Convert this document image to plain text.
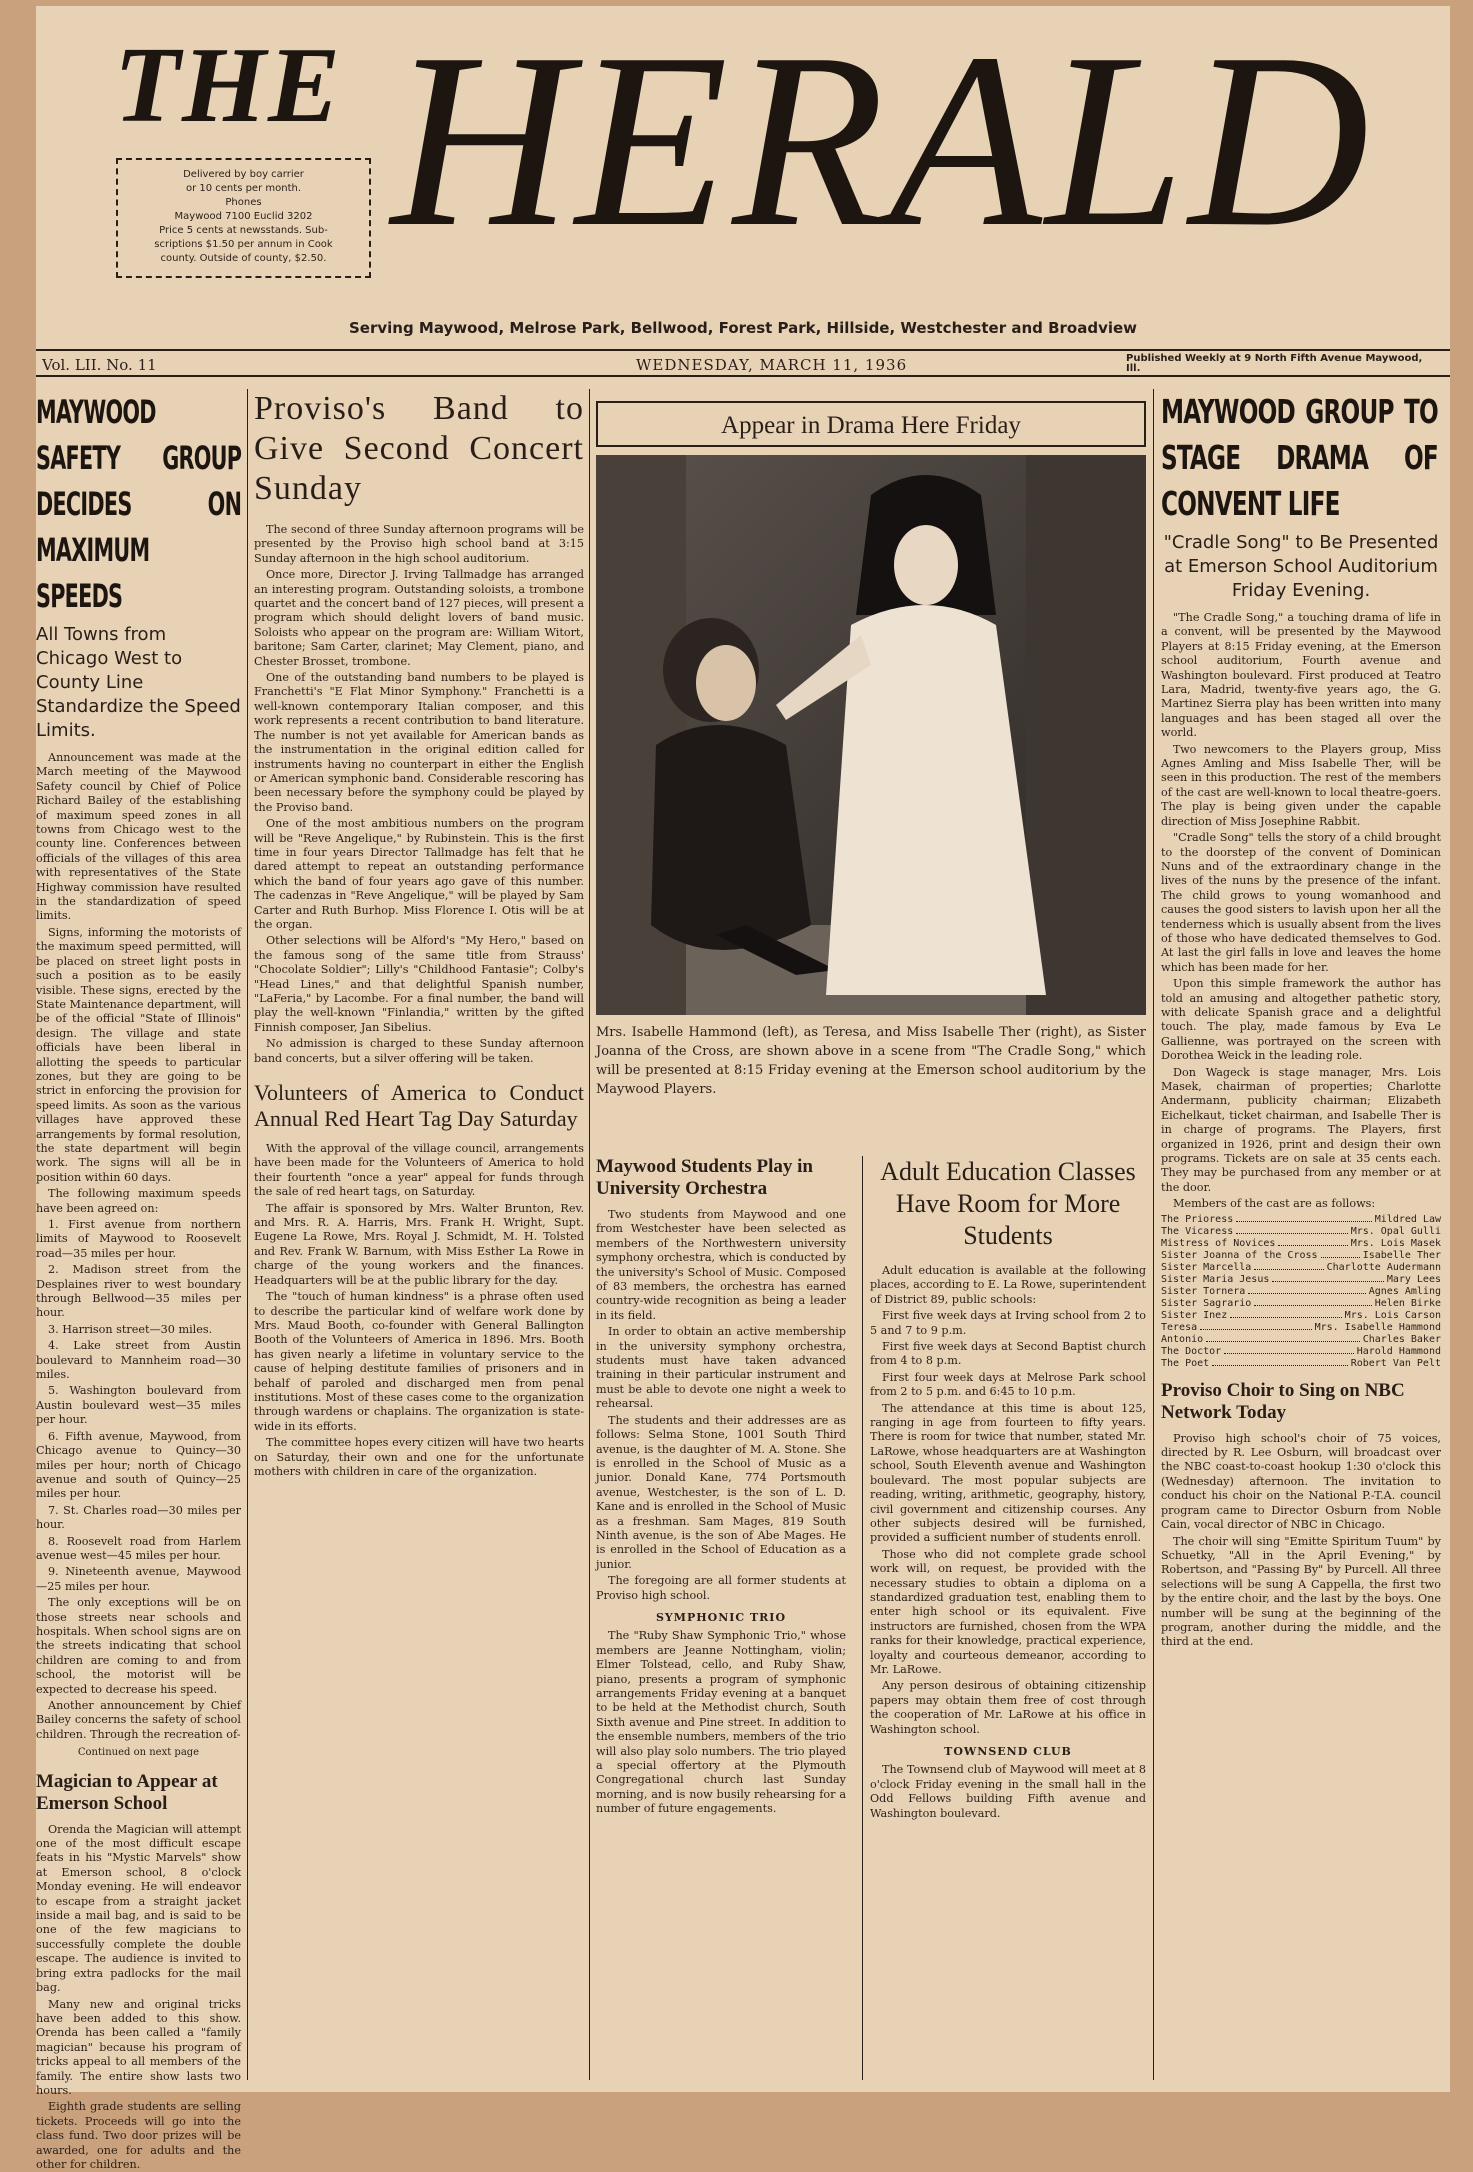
THE HERALD
Delivered by boy carrier
or 10 cents per month.
Phones
Maywood 7100 Euclid 3202
Price 5 cents at newsstands. Sub-
scriptions $1.50 per annum in Cook
county. Outside of county, $2.50.
Serving Maywood, Melrose Park, Bellwood, Forest Park, Hillside, Westchester and Broadview
Vol. LII. No. 11	WEDNESDAY, MARCH 11, 1936	Published Weekly at 9 North Fifth Avenue Maywood, Ill.
MAYWOOD SAFETY GROUP DECIDES ON MAXIMUM SPEEDS
All Towns from Chicago West to County Line Standardize the Speed Limits.

Announcement was made at the March meeting of the Maywood Safety council by Chief of Police Richard Bailey of the establishing of maximum speed zones in all towns from Chicago west to the county line. Conferences between officials of the villages of this area with representatives of the State Highway commission have resulted in the standardization of speed limits.

Signs, informing the motorists of the maximum speed permitted, will be placed on street light posts in such a position as to be easily visible. These signs, erected by the State Maintenance department, will be of the official "State of Illinois" design. The village and state officials have been liberal in allotting the speeds to particular zones, but they are going to be strict in enforcing the provision for speed limits. As soon as the various villages have approved these arrangements by formal resolution, the state department will begin work. The signs will all be in position within 60 days.

The following maximum speeds have been agreed on:

1. First avenue from northern limits of Maywood to Roosevelt road—35 miles per hour.

2. Madison street from the Desplaines river to west boundary through Bellwood—35 miles per hour.

3. Harrison street—30 miles.

4. Lake street from Austin boulevard to Mannheim road—30 miles.

5. Washington boulevard from Austin boulevard west—35 miles per hour.

6. Fifth avenue, Maywood, from Chicago avenue to Quincy—30 miles per hour; north of Chicago avenue and south of Quincy—25 miles per hour.

7. St. Charles road—30 miles per hour.

8. Roosevelt road from Harlem avenue west—45 miles per hour.

9. Nineteenth avenue, Maywood—25 miles per hour.

The only exceptions will be on those streets near schools and hospitals. When school signs are on the streets indicating that school children are coming to and from school, the motorist will be expected to decrease his speed.

Another announcement by Chief Bailey concerns the safety of school children. Through the recreation of-

Continued on next page
Magician to Appear at Emerson School

Orenda the Magician will attempt one of the most difficult escape feats in his "Mystic Marvels" show at Emerson school, 8 o'clock Monday evening. He will endeavor to escape from a straight jacket inside a mail bag, and is said to be one of the few magicians to successfully complete the double escape. The audience is invited to bring extra padlocks for the mail bag.

Many new and original tricks have been added to this show. Orenda has been called a "family magician" because his program of tricks appeal to all members of the family. The entire show lasts two hours.

Eighth grade students are selling tickets. Proceeds will go into the class fund. Two door prizes will be awarded, one for adults and the other for children.

Proviso's Band to Give Second Concert Sunday

The second of three Sunday afternoon programs will be presented by the Proviso high school band at 3:15 Sunday afternoon in the high school auditorium.

Once more, Director J. Irving Tallmadge has arranged an interesting program. Outstanding soloists, a trombone quartet and the concert band of 127 pieces, will present a program which should delight lovers of band music. Soloists who appear on the program are: William Witort, baritone; Sam Carter, clarinet; May Clement, piano, and Chester Brosset, trombone.

One of the outstanding band numbers to be played is Franchetti's "E Flat Minor Symphony." Franchetti is a well-known contemporary Italian composer, and this work represents a recent contribution to band literature. The number is not yet available for American bands as the instrumentation in the original edition called for instruments having no counterpart in either the English or American symphonic band. Considerable rescoring has been necessary before the symphony could be played by the Proviso band.

One of the most ambitious numbers on the program will be "Reve Angelique," by Rubinstein. This is the first time in four years Director Tallmadge has felt that he dared attempt to repeat an outstanding performance which the band of four years ago gave of this number. The cadenzas in "Reve Angelique," will be played by Sam Carter and Ruth Burhop. Miss Florence I. Otis will be at the organ.

Other selections will be Alford's "My Hero," based on the famous song of the same title from Strauss' "Chocolate Soldier"; Lilly's "Childhood Fantasie"; Colby's "Head Lines," and that delightful Spanish number, "LaFeria," by Lacombe. For a final number, the band will play the well-known "Finlandia," written by the gifted Finnish composer, Jan Sibelius.

No admission is charged to these Sunday afternoon band concerts, but a silver offering will be taken.

Volunteers of America to Conduct Annual Red Heart Tag Day Saturday

With the approval of the village council, arrangements have been made for the Volunteers of America to hold their fourtenth "once a year" appeal for funds through the sale of red heart tags, on Saturday.

The affair is sponsored by Mrs. Walter Brunton, Rev. and Mrs. R. A. Harris, Mrs. Frank H. Wright, Supt. Eugene La Rowe, Mrs. Royal J. Schmidt, M. H. Tolsted and Rev. Frank W. Barnum, with Miss Esther La Rowe in charge of the young workers and the finances. Headquarters will be at the public library for the day.

The "touch of human kindness" is a phrase often used to describe the particular kind of welfare work done by Mrs. Maud Booth, co-founder with General Ballington Booth of the Volunteers of America in 1896. Mrs. Booth has given nearly a lifetime in voluntary service to the cause of helping destitute families of prisoners and in behalf of paroled and discharged men from penal institutions. Most of these cases come to the organization through wardens or chaplains. The organization is state-wide in its efforts.

The committee hopes every citizen will have two hearts on Saturday, their own and one for the unfortunate mothers with children in care of the organization.

Appear in Drama Here Friday
Mrs. Isabelle Hammond (left), as Teresa, and Miss Isabelle Ther (right), as Sister Joanna of the Cross, are shown above in a scene from "The Cradle Song," which will be presented at 8:15 Friday evening at the Emerson school auditorium by the Maywood Players.
Maywood Students Play in University Orchestra

Two students from Maywood and one from Westchester have been selected as members of the Northwestern university symphony orchestra, which is conducted by the university's School of Music. Composed of 83 members, the orchestra has earned country-wide recognition as being a leader in its field.

In order to obtain an active membership in the university symphony orchestra, students must have taken advanced training in their particular instrument and must be able to devote one night a week to rehearsal.

The students and their addresses are as follows: Selma Stone, 1001 South Third avenue, is the daughter of M. A. Stone. She is enrolled in the School of Music as a junior. Donald Kane, 774 Portsmouth avenue, Westchester, is the son of L. D. Kane and is enrolled in the School of Music as a freshman. Sam Mages, 819 South Ninth avenue, is the son of Abe Mages. He is enrolled in the School of Education as a junior.

The foregoing are all former students at Proviso high school.

SYMPHONIC TRIO

The "Ruby Shaw Symphonic Trio," whose members are Jeanne Nottingham, violin; Elmer Tolstead, cello, and Ruby Shaw, piano, presents a program of symphonic arrangements Friday evening at a banquet to be held at the Methodist church, South Sixth avenue and Pine street. In addition to the ensemble numbers, members of the trio will also play solo numbers. The trio played a special offertory at the Plymouth Congregational church last Sunday morning, and is now busily rehearsing for a number of future engagements.

Adult Education Classes Have Room for More Students

Adult education is available at the following places, according to E. La Rowe, superintendent of District 89, public schools:

First five week days at Irving school from 2 to 5 and 7 to 9 p.m.

First five week days at Second Baptist church from 4 to 8 p.m.

First four week days at Melrose Park school from 2 to 5 p.m. and 6:45 to 10 p.m.

The attendance at this time is about 125, ranging in age from fourteen to fifty years. There is room for twice that number, stated Mr. LaRowe, whose headquarters are at Washington school, South Eleventh avenue and Washington boulevard. The most popular subjects are reading, writing, arithmetic, geography, history, civil government and citizenship courses. Any other subjects desired will be furnished, provided a sufficient number of students enroll.

Those who did not complete grade school work will, on request, be provided with the necessary studies to obtain a diploma on a standardized graduation test, enabling them to enter high school or its equivalent. Five instructors are furnished, chosen from the WPA ranks for their knowledge, practical experience, loyalty and courteous demeanor, according to Mr. LaRowe.

Any person desirous of obtaining citizenship papers may obtain them free of cost through the cooperation of Mr. LaRowe at his office in Washington school.

TOWNSEND CLUB

The Townsend club of Maywood will meet at 8 o'clock Friday evening in the small hall in the Odd Fellows building Fifth avenue and Washington boulevard.

MAYWOOD GROUP TO STAGE DRAMA OF CONVENT LIFE
"Cradle Song" to Be Presented at Emerson School Auditorium Friday Evening.

"The Cradle Song," a touching drama of life in a convent, will be presented by the Maywood Players at 8:15 Friday evening, at the Emerson school auditorium, Fourth avenue and Washington boulevard. First produced at Teatro Lara, Madrid, twenty-five years ago, the G. Martinez Sierra play has been written into many languages and has been staged all over the world.

Two newcomers to the Players group, Miss Agnes Amling and Miss Isabelle Ther, will be seen in this production. The rest of the members of the cast are well-known to local theatre-goers. The play is being given under the capable direction of Miss Josephine Rabbit.

"Cradle Song" tells the story of a child brought to the doorstep of the convent of Dominican Nuns and of the extraordinary change in the lives of the nuns by the presence of the infant. The child grows to young womanhood and causes the good sisters to lavish upon her all the tenderness which is usually absent from the lives of those who have dedicated themselves to God. At last the girl falls in love and leaves the home which has been made for her.

Upon this simple framework the author has told an amusing and altogether pathetic story, with delicate Spanish grace and a delightful touch. The play, made famous by Eva Le Gallienne, was portrayed on the screen with Dorothea Weick in the leading role.

Don Wageck is stage manager, Mrs. Lois Masek, chairman of properties; Charlotte Andermann, publicity chairman; Elizabeth Eichelkaut, ticket chairman, and Isabelle Ther is in charge of programs. The Players, first organized in 1926, print and design their own programs. Tickets are on sale at 35 cents each. They may be purchased from any member or at the door.

Members of the cast are as follows:

The Prioress	Mildred Law
The Vicaress	Mrs. Opal Gulli
Mistress of Novices	Mrs. Lois Masek
Sister Joanna of the Cross	Isabelle Ther
Sister Marcella	Charlotte Audermann
Sister Maria Jesus	Mary Lees
Sister Tornera	Agnes Amling
Sister Sagrario	Helen Birke
Sister Inez	Mrs. Lois Carson
Teresa	Mrs. Isabelle Hammond
Antonio	Charles Baker
The Doctor	Harold Hammond
The Poet	Robert Van Pelt
Proviso Choir to Sing on NBC Network Today

Proviso high school's choir of 75 voices, directed by R. Lee Osburn, will broadcast over the NBC coast-to-coast hookup 1:30 o'clock this (Wednesday) afternoon. The invitation to conduct his choir on the National P.-T.A. council program came to Director Osburn from Noble Cain, vocal director of NBC in Chicago.

The choir will sing "Emitte Spiritum Tuum" by Schuetky, "All in the April Evening," by Robertson, and "Passing By" by Purcell. All three selections will be sung A Cappella, the first two by the entire choir, and the last by the boys. One number will be sung at the beginning of the program, another during the middle, and the third at the end.
